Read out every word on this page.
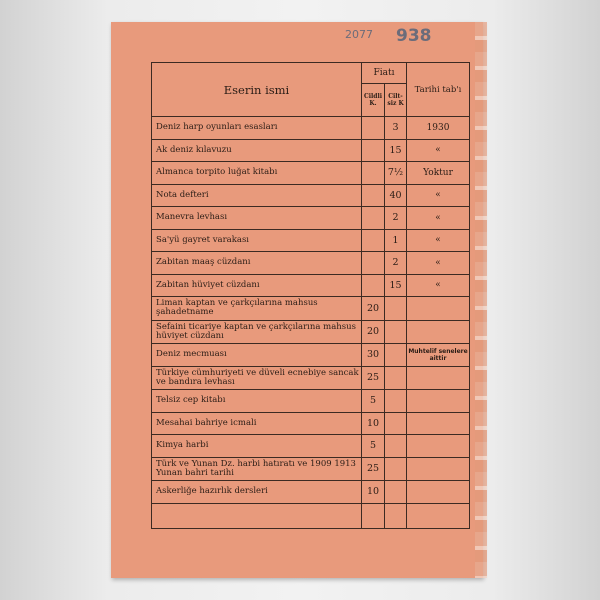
2077 938
Eserin ismi	Fiatı		Tarihi tab'ı
	Cildli K.	Cilt-siz K	
Deniz harp oyunları esasları		3	1930
Ak deniz kılavuzu		15	«
Almanca torpito luğat kitabı		7½	Yoktur
Nota defteri		40	«
Manevra levhası		2	«
Sa'yü gayret varakası		1	«
Zabitan maaş cüzdanı		2	«
Zabitan hüviyet cüzdanı		15	«
Liman kaptan ve çarkçılarına mahsus şahadetname	20		
Sefaini ticariye kaptan ve çarkçılarına mahsus hüviyet cüzdanı	20		
Deniz mecmuası	30		Muhtelif senelere aittir
Türkiye cümhuriyeti ve düveli ecnebiye sancak ve bandıra levhası	25		
Telsiz cep kitabı	5		
Mesahai bahriye icmali	10		
Kimya harbi	5		
Türk ve Yunan Dz. harbi hatıratı ve 1909 1913 Yunan bahri tarihi	25		
Askerliğe hazırlık dersleri	10		
